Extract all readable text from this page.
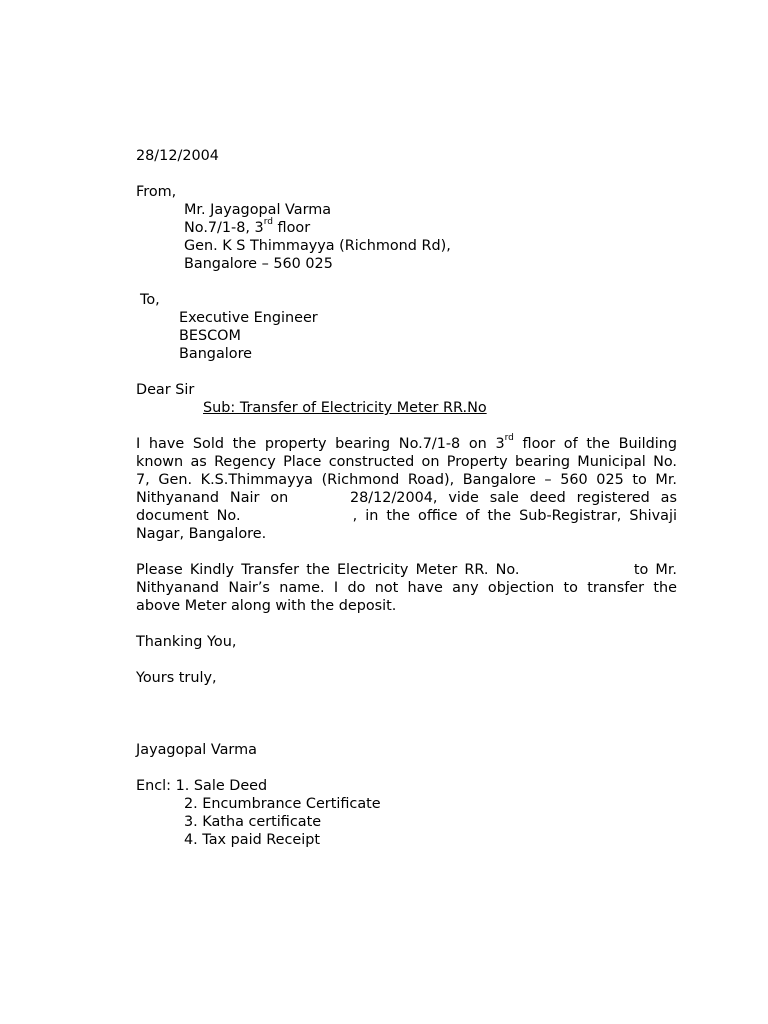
28/12/2004
From,
Mr. Jayagopal Varma
No.7/1-8, 3rd floor
Gen. K S Thimmayya (Richmond Rd),
Bangalore – 560 025
To,
Executive Engineer
BESCOM
Bangalore
Dear Sir
Sub: Transfer of Electricity Meter RR.No
I have Sold the property bearing No.7/1-8 on 3rd floor of the Building
known as Regency Place constructed on Property bearing Municipal No.
7, Gen. K.S.Thimmayya (Richmond Road), Bangalore – 560 025 to Mr.
Nithyanand Nair on	28/12/2004, vide sale deed registered as
document No.	, in the office of the Sub-Registrar, Shivaji
Nagar, Bangalore.
Please Kindly Transfer the Electricity Meter RR. No.	to Mr.
Nithyanand Nair’s name. I do not have any objection to transfer the
above Meter along with the deposit.
Thanking You,
Yours truly,
Jayagopal Varma
Encl: 1. Sale Deed
2. Encumbrance Certificate
3. Katha certificate
4. Tax paid Receipt
